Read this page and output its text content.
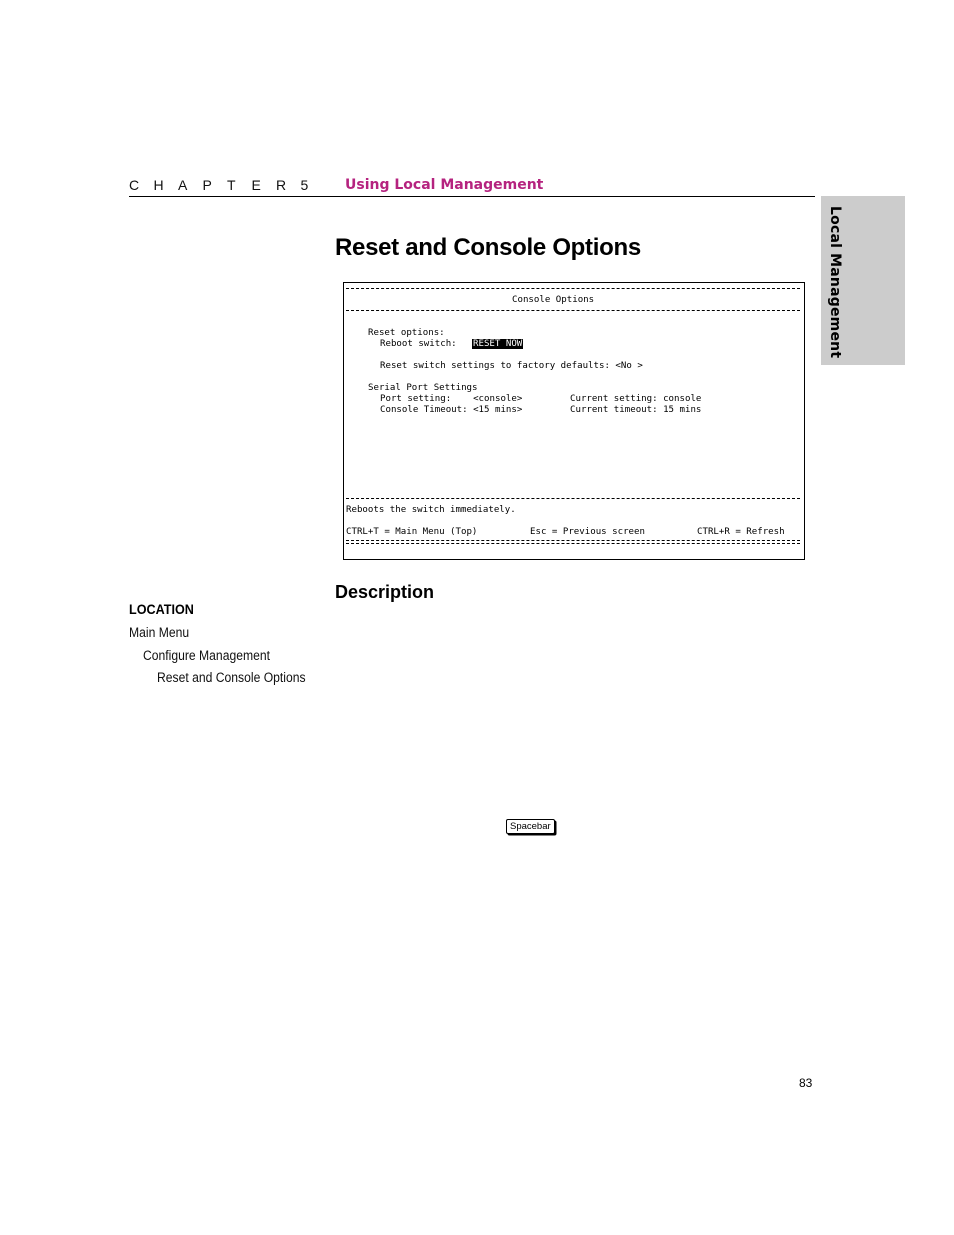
C H A P T E R 5	Using Local Management
Local Management
Reset and Console Options
Console Options
Reset options:
Reboot switch: RESET NOW
Reset switch settings to factory defaults: <No >
Serial Port Settings
Port setting:    <console>	Current setting: console
Console Timeout: <15 mins>	Current timeout: 15 mins
Reboots the switch immediately.
CTRL+T = Main Menu (Top)	Esc = Previous screen	CTRL+R = Refresh
Description
LOCATION
Main Menu
Configure Management
Reset and Console Options
Spacebar
83
